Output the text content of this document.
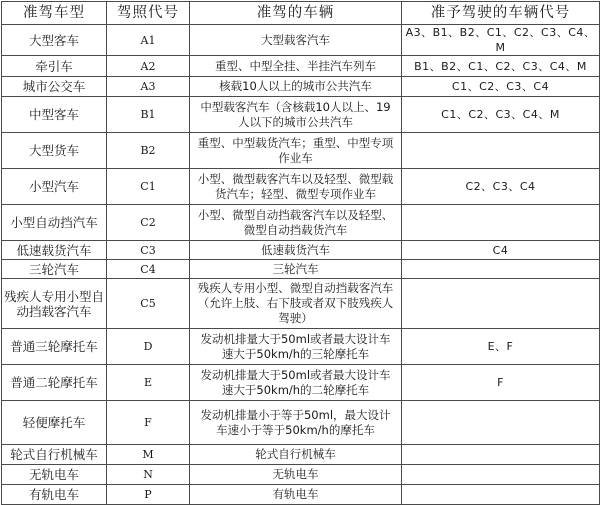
准驾车型	驾照代号	准驾的车辆	准予驾驶的车辆代号
大型客车	A1	大型载客汽车	A3、B1、B2、C1、C2、C3、C4、M
牵引车	A2	重型、中型全挂、半挂汽车列车	B1、B2、C1、C2、C3、C4、M
城市公交车	A3	核载10人以上的城市公共汽车	C1、C2、C3、C4
中型客车	B1	中型载客汽车（含核载10人以上、19人以下的城市公共汽车	C1、C2、C3、C4、M
大型货车	B2	重型、中型载货汽车；重型、中型专项作业车	
小型汽车	C1	小型、微型载客汽车以及轻型、微型载货汽车；轻型、微型专项作业车	C2、C3、C4
小型自动挡汽车	C2	小型、微型自动挡载客汽车以及轻型、微型自动挡载货汽车	
低速载货汽车	C3	低速载货汽车	C4
三轮汽车	C4	三轮汽车	
残疾人专用小型自动挡载客汽车	C5	残疾人专用小型、微型自动挡载客汽车（允许上肢、右下肢或者双下肢残疾人驾驶）	
普通三轮摩托车	D	发动机排量大于50ml或者最大设计车速大于50km/h的三轮摩托车	E、F
普通二轮摩托车	E	发动机排量大于50ml或者最大设计车速大于50km/h的二轮摩托车	F
轻便摩托车	F	发动机排量小于等于50ml，最大设计车速小于等于50km/h的摩托车	
轮式自行机械车	M	轮式自行机械车	
无轨电车	N	无轨电车	
有轨电车	P	有轨电车	
